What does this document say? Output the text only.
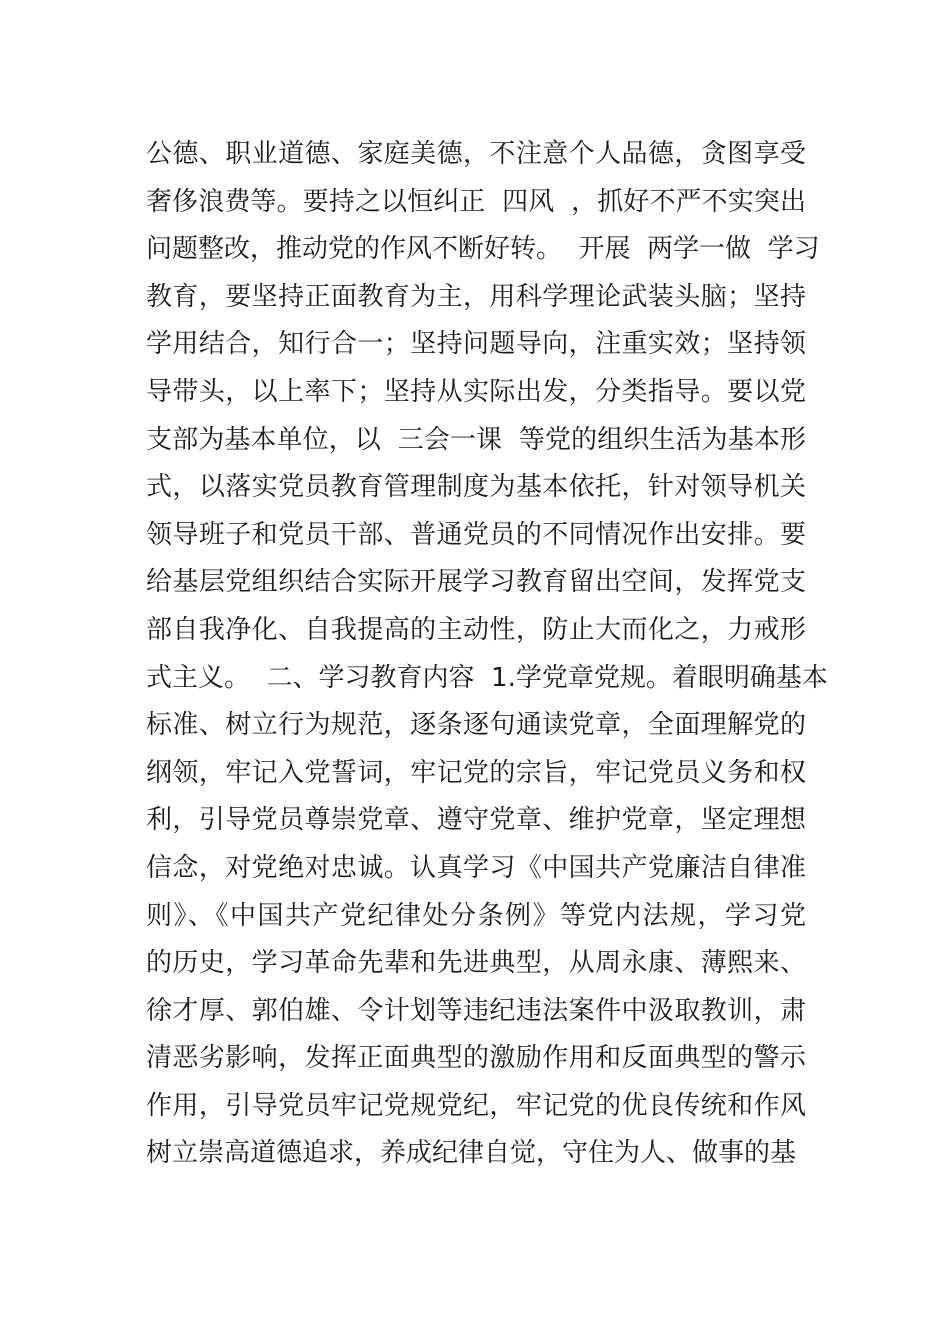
公德、职业道德、家庭美德，不注意个人品德，贪图享受
奢侈浪费等。要持之以恒纠正  四风  ，抓好不严不实突出
问题整改，推动党的作风不断好转。  开展  两学一做  学习
教育，要坚持正面教育为主，用科学理论武装头脑；坚持
学用结合，知行合一；坚持问题导向，注重实效；坚持领
导带头，以上率下；坚持从实际出发，分类指导。要以党
支部为基本单位，以  三会一课  等党的组织生活为基本形
式，以落实党员教育管理制度为基本依托，针对领导机关
领导班子和党员干部、普通党员的不同情况作出安排。要
给基层党组织结合实际开展学习教育留出空间，发挥党支
部自我净化、自我提高的主动性，防止大而化之，力戒形
式主义。  二、学习教育内容  1.学党章党规。着眼明确基本
标准、树立行为规范，逐条逐句通读党章，全面理解党的
纲领，牢记入党誓词，牢记党的宗旨，牢记党员义务和权
利，引导党员尊崇党章、遵守党章、维护党章，坚定理想
信念，对党绝对忠诚。认真学习《中国共产党廉洁自律准
则》、《中国共产党纪律处分条例》等党内法规，学习党
的历史，学习革命先辈和先进典型，从周永康、薄熙来、
徐才厚、郭伯雄、令计划等违纪违法案件中汲取教训，肃
清恶劣影响，发挥正面典型的激励作用和反面典型的警示
作用，引导党员牢记党规党纪，牢记党的优良传统和作风
树立崇高道德追求，养成纪律自觉，守住为人、做事的基
